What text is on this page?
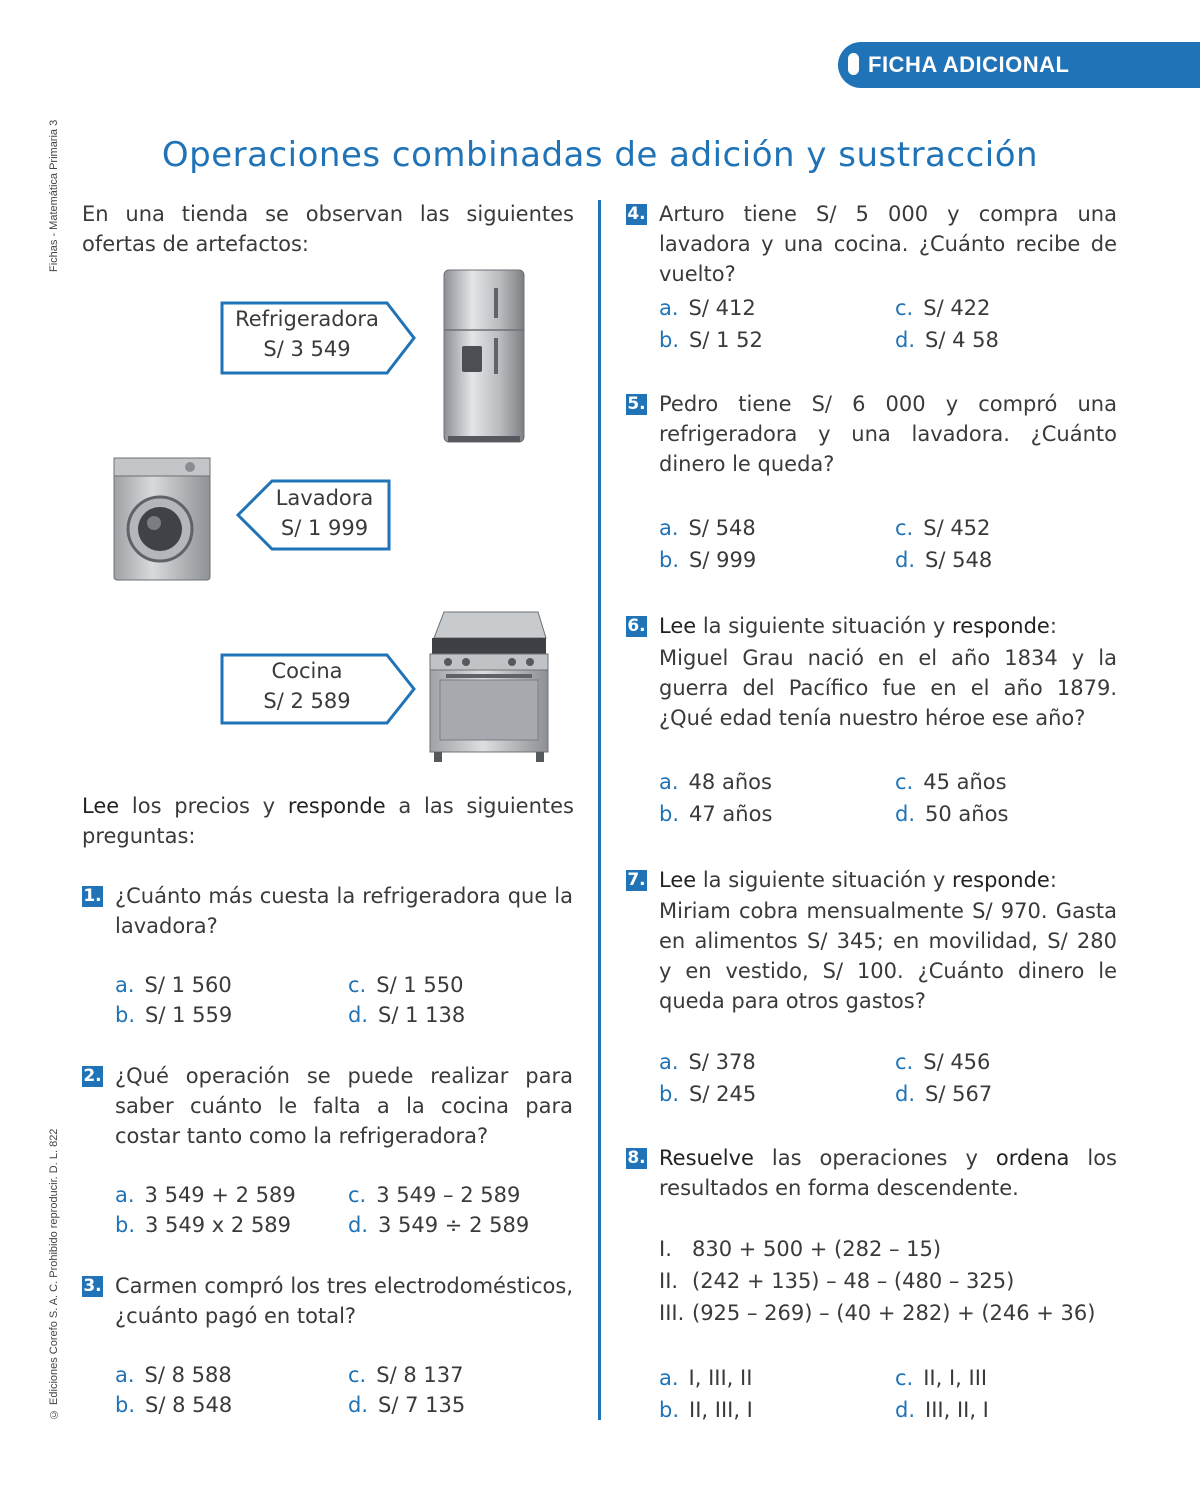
FICHA ADICIONAL
Fichas - Matemática Primaria 3
© Ediciones Corefo S. A. C. Prohibido reproducir. D. L. 822
Operaciones combinadas de adición y sustracción
En una tienda se observan las siguientes ofertas de artefactos:
Refrigeradora
S/ 3 549
Lavadora
S/ 1 999
Cocina
S/ 2 589
Lee los precios y responde a las siguientes preguntas:
1. ¿Cuánto más cuesta la refrigeradora que la lavadora?
a. S/ 1 560
b. S/ 1 559
c. S/ 1 550
d. S/ 1 138
2. ¿Qué operación se puede realizar para saber cuánto le falta a la cocina para costar tanto como la refrigeradora?
a. 3 549 + 2 589
b. 3 549 x 2 589
c. 3 549 – 2 589
d. 3 549 ÷ 2 589
3. Carmen compró los tres electrodomésticos, ¿cuánto pagó en total?
a. S/ 8 588
b. S/ 8 548
c. S/ 8 137
d. S/ 7 135
4. Arturo tiene S/ 5 000 y compra una lavadora y una cocina. ¿Cuánto recibe de vuelto?
a. S/ 412
b. S/ 1 52
c. S/ 422
d. S/ 4 58
5. Pedro tiene S/ 6 000 y compró una refrigeradora y una lavadora. ¿Cuánto dinero le queda?
a. S/ 548
b. S/ 999
c. S/ 452
d. S/ 548
6. Lee la siguiente situación y responde:
Miguel Grau nació en el año 1834 y la guerra del Pacífico fue en el año 1879. ¿Qué edad tenía nuestro héroe ese año?
a. 48 años
b. 47 años
c. 45 años
d. 50 años
7. Lee la siguiente situación y responde:
Miriam cobra mensualmente S/ 970. Gasta en alimentos S/ 345; en movilidad, S/ 280 y en vestido, S/ 100. ¿Cuánto dinero le queda para otros gastos?
a. S/ 378
b. S/ 245
c. S/ 456
d. S/ 567
8. Resuelve las operaciones y ordena los resultados en forma descendente.
I. 830 + 500 + (282 – 15)
II. (242 + 135) – 48 – (480 – 325)
III. (925 – 269) – (40 + 282) + (246 + 36)
a. I, III, II
b. II, III, I
c. II, I, III
d. III, II, I
